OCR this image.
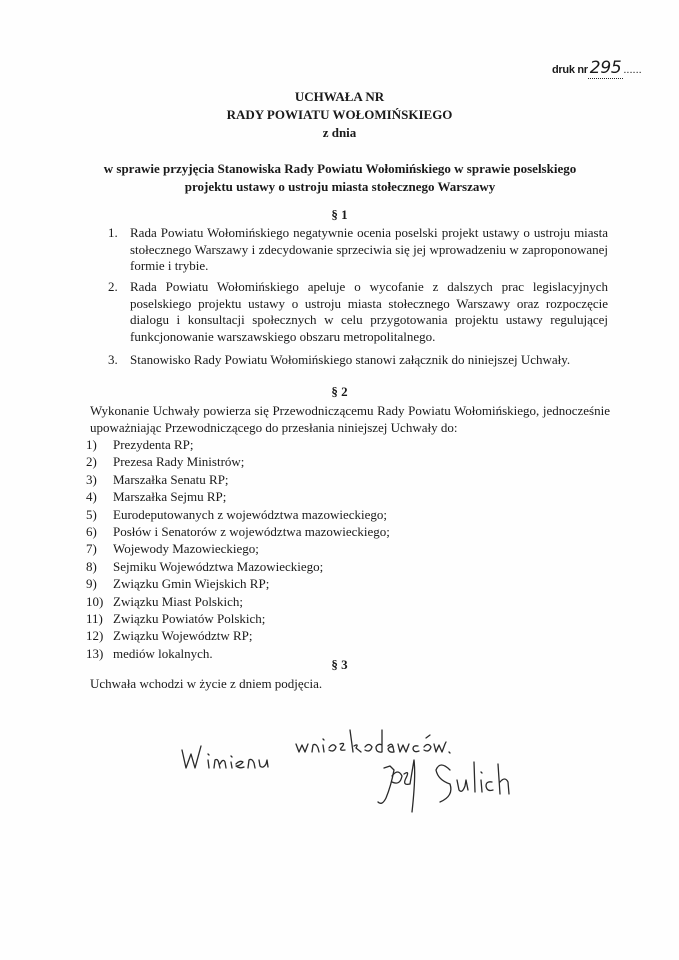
druk nr 295 ......
UCHWAŁA NR
RADY POWIATU WOŁOMIŃSKIEGO
z dnia
w sprawie przyjęcia Stanowiska Rady Powiatu Wołomińskiego w sprawie poselskiego
projektu ustawy o ustroju miasta stołecznego Warszawy
§ 1
1. Rada Powiatu Wołomińskiego negatywnie ocenia poselski projekt ustawy o ustroju miasta stołecznego Warszawy i zdecydowanie sprzeciwia się jej wprowadzeniu w zaproponowanej formie i trybie.
2. Rada Powiatu Wołomińskiego apeluje o wycofanie z dalszych prac legislacyjnych poselskiego projektu ustawy o ustroju miasta stołecznego Warszawy oraz rozpoczęcie dialogu i konsultacji społecznych w celu przygotowania projektu ustawy regulującej funkcjonowanie warszawskiego obszaru metropolitalnego.
3. Stanowisko Rady Powiatu Wołomińskiego stanowi załącznik do niniejszej Uchwały.
§ 2
Wykonanie Uchwały powierza się Przewodniczącemu Rady Powiatu Wołomińskiego, jednocześnie upoważniając Przewodniczącego do przesłania niniejszej Uchwały do:
1) Prezydenta RP;
2) Prezesa Rady Ministrów;
3) Marszałka Senatu RP;
4) Marszałka Sejmu RP;
5) Eurodeputowanych z województwa mazowieckiego;
6) Posłów i Senatorów z województwa mazowieckiego;
7) Wojewody Mazowieckiego;
8) Sejmiku Województwa Mazowieckiego;
9) Związku Gmin Wiejskich RP;
10) Związku Miast Polskich;
11) Związku Powiatów Polskich;
12) Związku Województw RP;
13) mediów lokalnych.
§ 3
Uchwała wchodzi w życie z dniem podjęcia.
